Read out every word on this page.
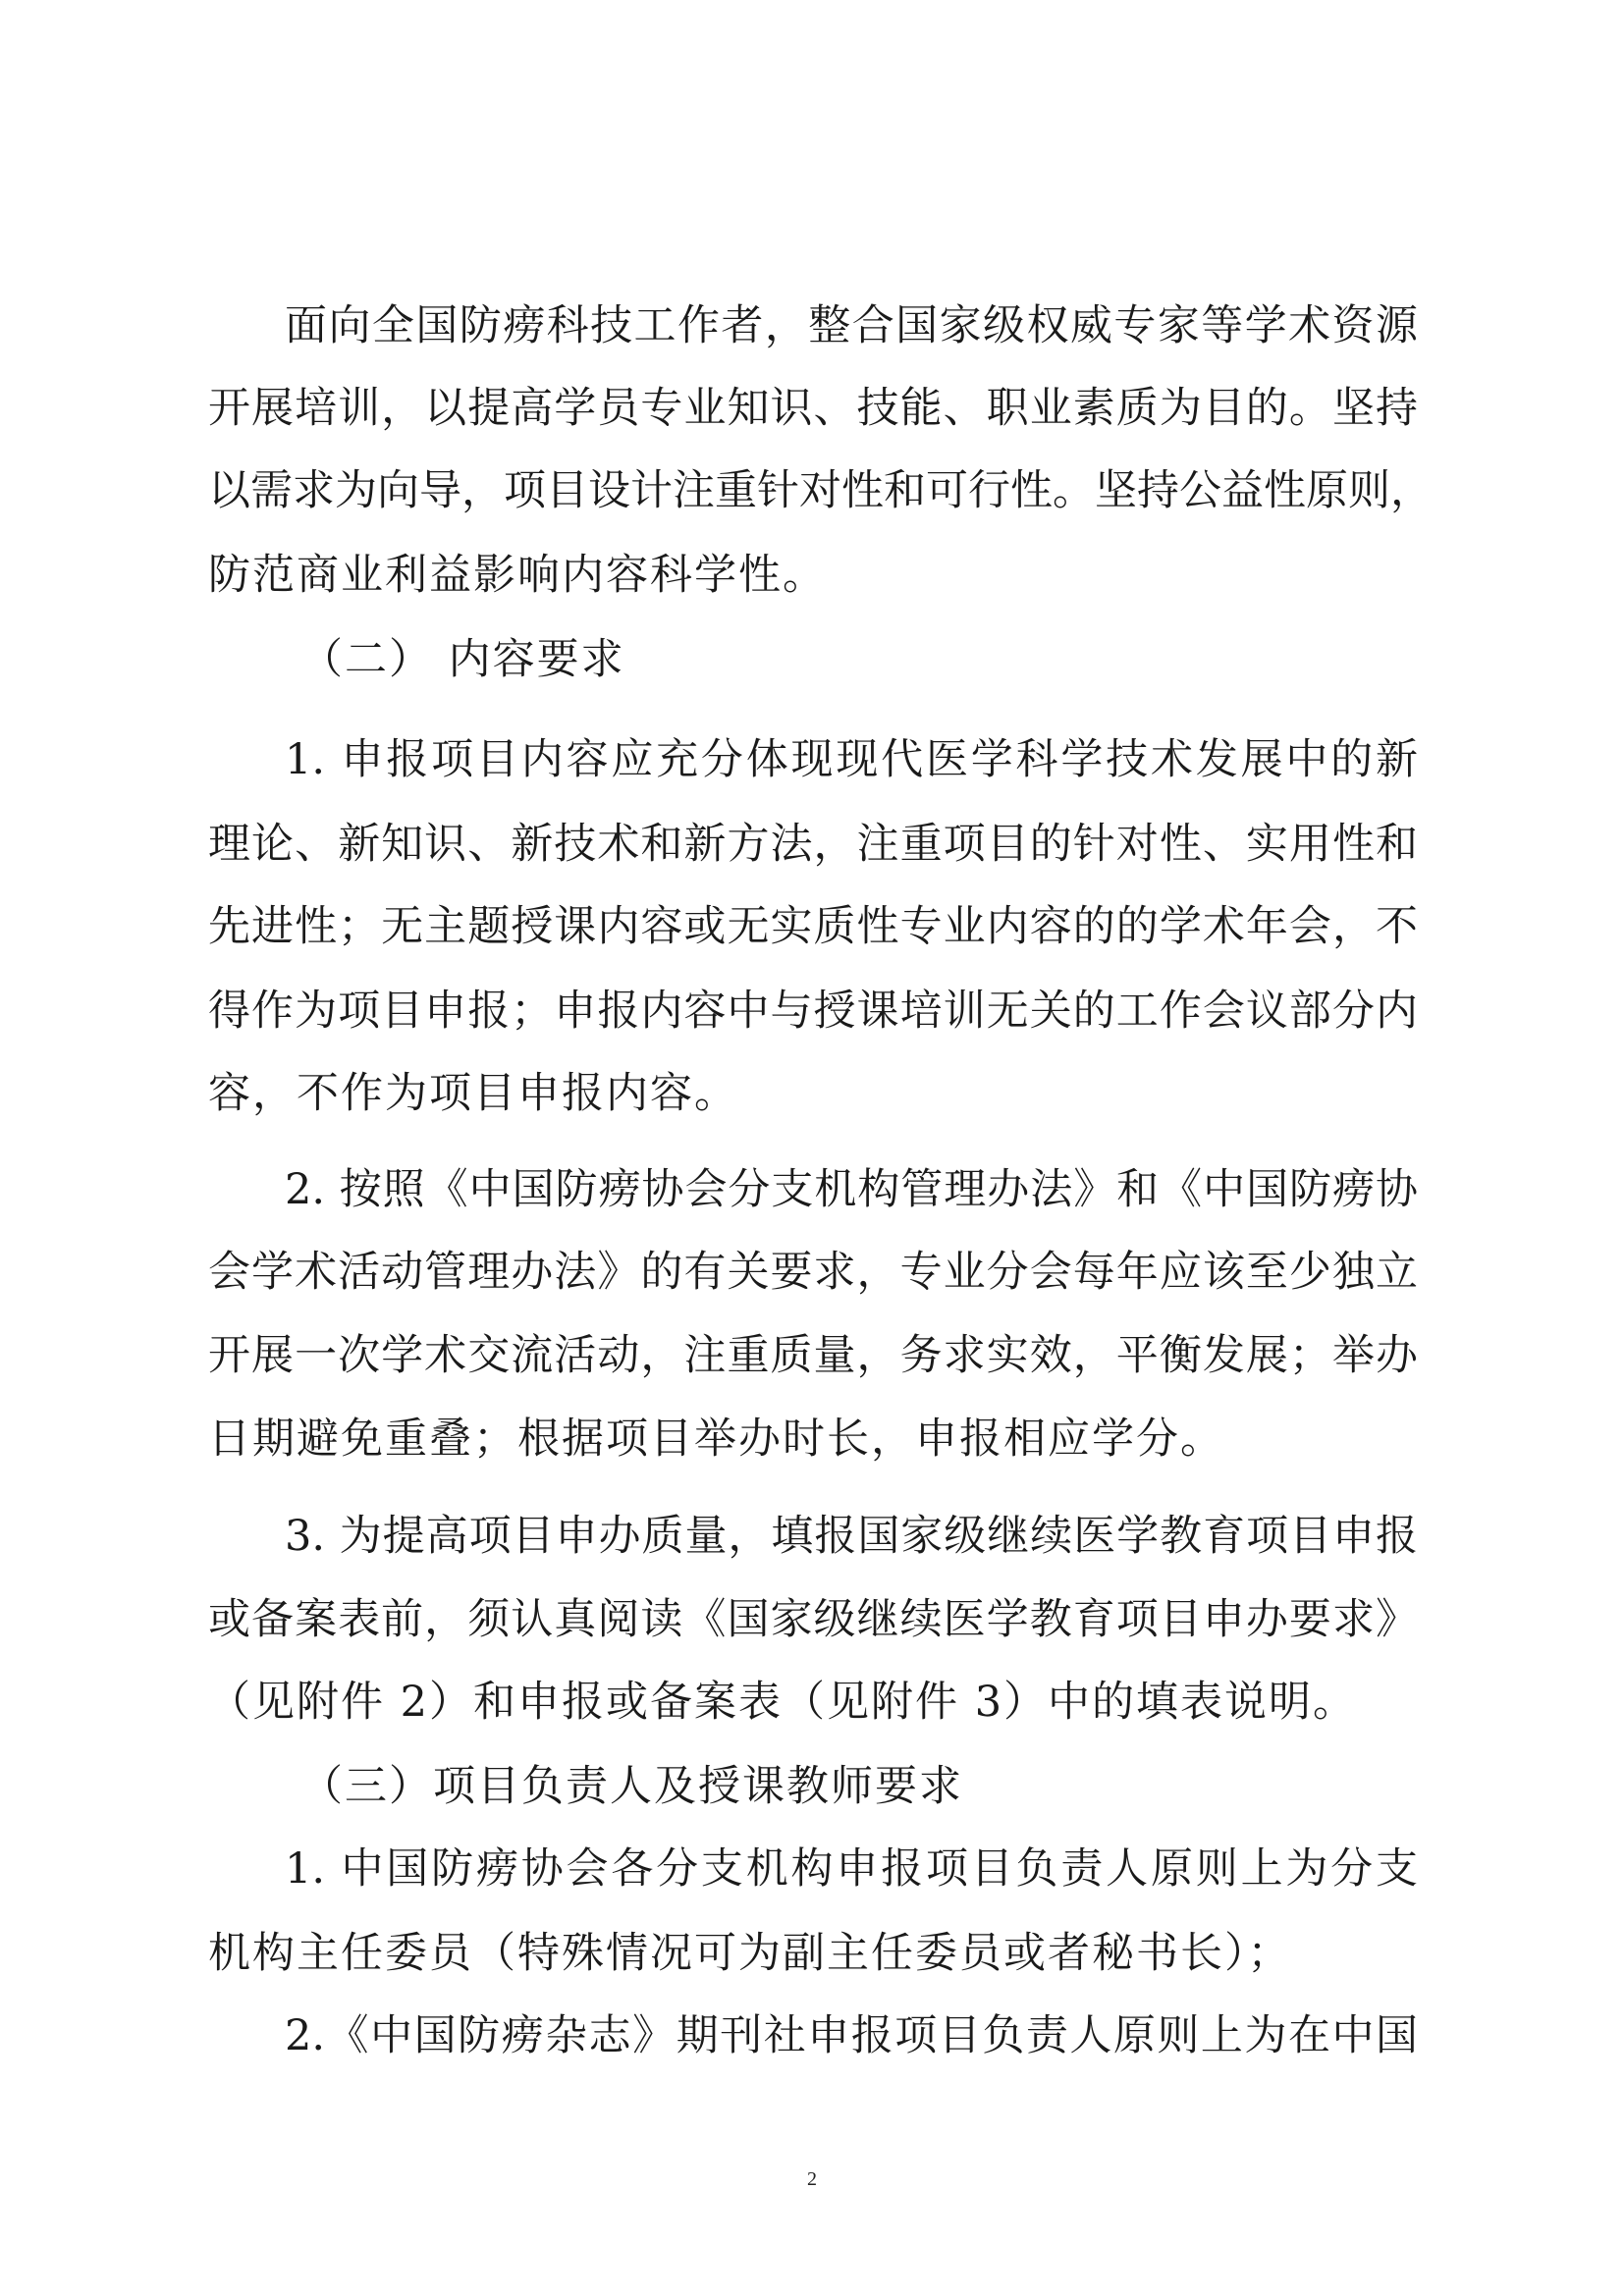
面向全国防痨科技工作者，整合国家级权威专家等学术资源
开展培训，以提高学员专业知识、技能、职业素质为目的。坚持
以需求为向导，项目设计注重针对性和可行性。坚持公益性原则，
防范商业利益影响内容科学性。
（二） 内容要求
1. 申报项目内容应充分体现现代医学科学技术发展中的新
理论、新知识、新技术和新方法，注重项目的针对性、实用性和
先进性；无主题授课内容或无实质性专业内容的的学术年会，不
得作为项目申报；申报内容中与授课培训无关的工作会议部分内
容，不作为项目申报内容。
2. 按照《中国防痨协会分支机构管理办法》和《中国防痨协
会学术活动管理办法》的有关要求，专业分会每年应该至少独立
开展一次学术交流活动，注重质量，务求实效，平衡发展；举办
日期避免重叠；根据项目举办时长，申报相应学分。
3. 为提高项目申办质量，填报国家级继续医学教育项目申报
或备案表前，须认真阅读《国家级继续医学教育项目申办要求》
（见附件 2）和申报或备案表（见附件 3）中的填表说明。
（三）项目负责人及授课教师要求
1. 中国防痨协会各分支机构申报项目负责人原则上为分支
机构主任委员（特殊情况可为副主任委员或者秘书长）；
2.《中国防痨杂志》期刊社申报项目负责人原则上为在中国
2
